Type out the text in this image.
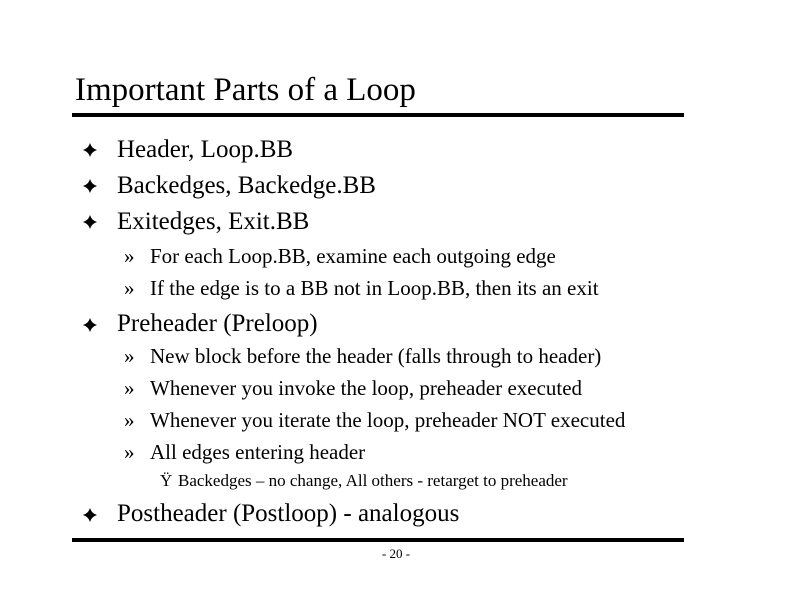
Important Parts of a Loop
Header, Loop.BB
Backedges, Backedge.BB
Exitedges, Exit.BB
» For each Loop.BB, examine each outgoing edge
» If the edge is to a BB not in Loop.BB, then its an exit
Preheader (Preloop)
» New block before the header (falls through to header)
» Whenever you invoke the loop, preheader executed
» Whenever you iterate the loop, preheader NOT executed
» All edges entering header
Ÿ Backedges – no change, All others - retarget to preheader
Postheader (Postloop) - analogous
- 20 -
